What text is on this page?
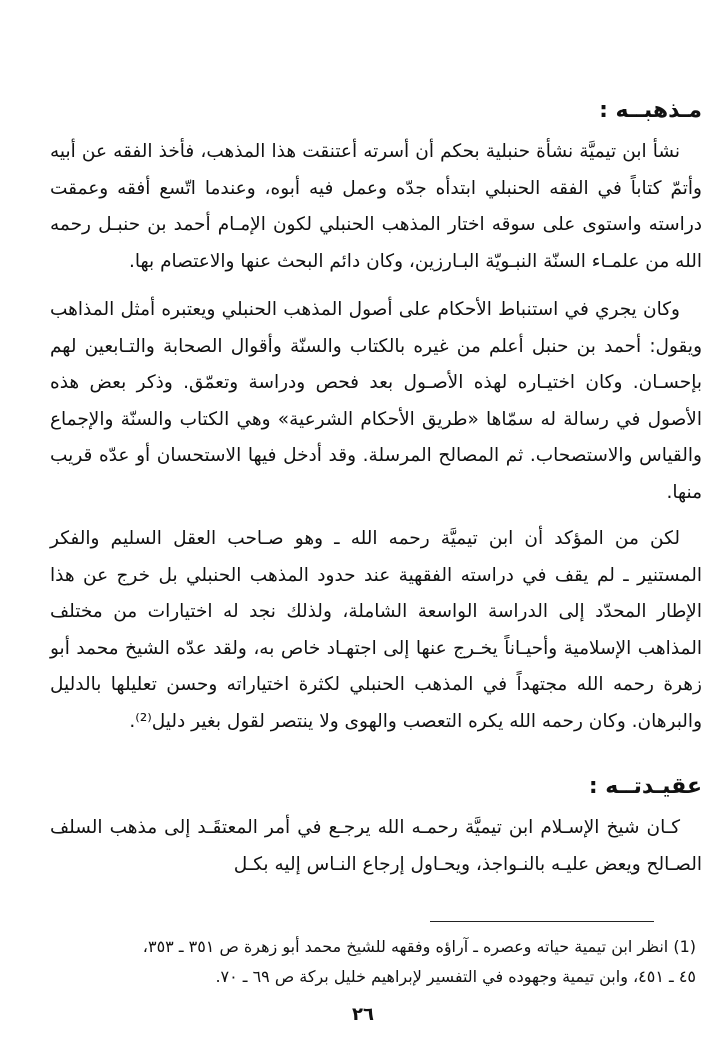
مـذهبــه :

نشأ ابن تيميَّة نشأة حنبلية بحكم أن أسرته أعتنقت هذا المذهب، فأخذ الفقه عن أبيه وأتمّ كتاباً في الفقه الحنبلي ابتدأه جدّه وعمل فيه أبوه، وعندما اتّسع أفقه وعمقت دراسته واستوى على سوقه اختار المذهب الحنبلي لكون الإمـام أحمد بن حنبـل رحمه الله من علمـاء السنّة النبـويّة البـارزين، وكان دائم البحث عنها والاعتصام بها.

وكان يجري في استنباط الأحكام على أصول المذهب الحنبلي ويعتبره أمثل المذاهب ويقول: أحمد بن حنبل أعلم من غيره بالكتاب والسنّة وأقوال الصحابة والتـابعين لهم بإحسـان. وكان اختيـاره لهذه الأصـول بعد فحص ودراسة وتعمّق. وذكر بعض هذه الأصول في رسالة له سمّاها «طريق الأحكام الشرعية» وهي الكتاب والسنّة والإجماع والقياس والاستصحاب. ثم المصالح المرسلة. وقد أدخل فيها الاستحسان أو عدّه قريب منها.

لكن من المؤكد أن ابن تيميَّة رحمه الله ـ وهو صـاحب العقل السليم والفكر المستنير ـ لم يقف في دراسته الفقهية عند حدود المذهب الحنبلي بل خرج عن هذا الإطار المحدّد إلى الدراسة الواسعة الشاملة، ولذلك نجد له اختيارات من مختلف المذاهب الإسلامية وأحيـاناً يخـرج عنها إلى اجتهـاد خاص به، ولقد عدّه الشيخ محمد أبو زهرة رحمه الله مجتهداً في المذهب الحنبلي لكثرة اختياراته وحسن تعليلها بالدليل والبرهان. وكان رحمه الله يكره التعصب والهوى ولا ينتصر لقول بغير دليل⁽²⁾.

عقيـدتــه :

كـان شيخ الإسـلام ابن تيميَّة رحمـه الله يرجـع في أمر المعتقَـد إلى مذهب السلف الصـالح ويعض عليـه بالنـواجذ، ويحـاول إرجاع النـاس إليه بكـل

(1) انظر ابن تيمية حياته وعصره ـ آراؤه وفقهه للشيخ محمد أبو زهرة ص ٣٥١ ـ ٣٥٣،

٤٥ ـ ٤٥١، وابن تيمية وجهوده في التفسير لإبراهيم خليل بركة ص ٦٩ ـ ٧٠.

٢٦
